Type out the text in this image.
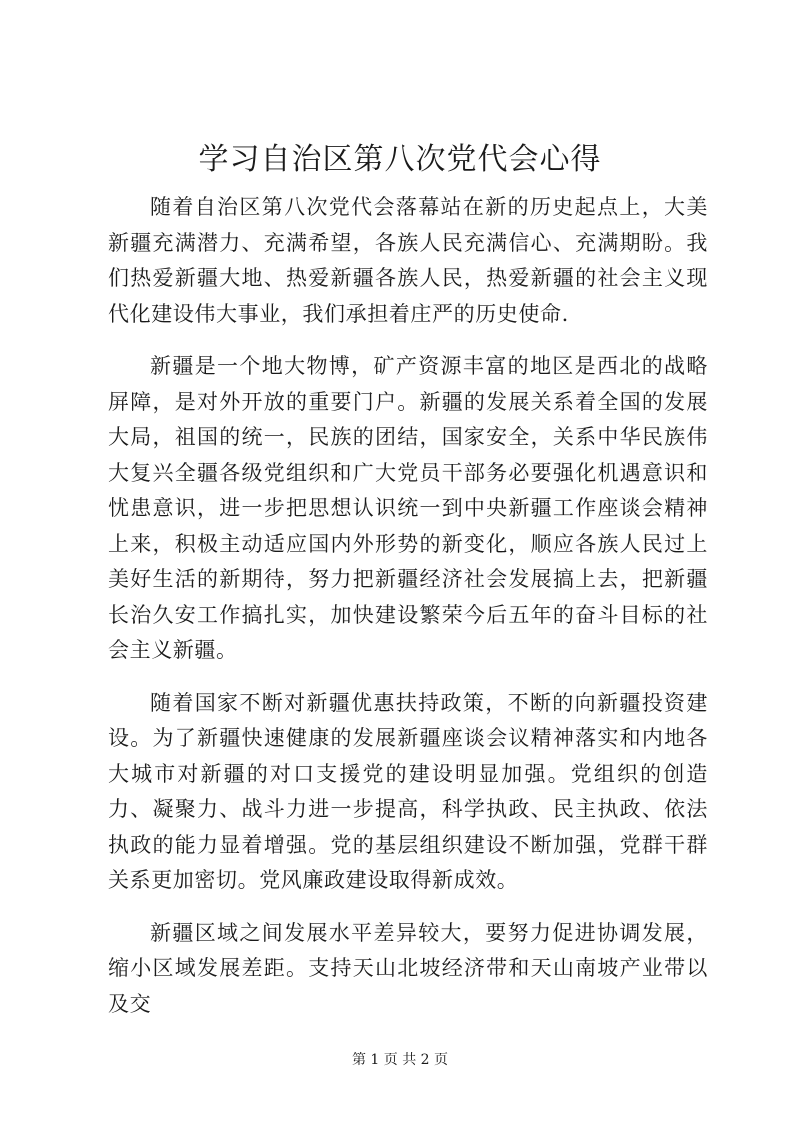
学习自治区第八次党代会心得

随着自治区第八次党代会落幕站在新的历史起点上，大美新疆充满潜力、充满希望，各族人民充满信心、充满期盼。我们热爱新疆大地、热爱新疆各族人民，热爱新疆的社会主义现代化建设伟大事业，我们承担着庄严的历史使命.

新疆是一个地大物博，矿产资源丰富的地区是西北的战略屏障，是对外开放的重要门户。新疆的发展关系着全国的发展大局，祖国的统一，民族的团结，国家安全，关系中华民族伟大复兴全疆各级党组织和广大党员干部务必要强化机遇意识和忧患意识，进一步把思想认识统一到中央新疆工作座谈会精神上来，积极主动适应国内外形势的新变化，顺应各族人民过上美好生活的新期待，努力把新疆经济社会发展搞上去，把新疆长治久安工作搞扎实，加快建设繁荣今后五年的奋斗目标的社会主义新疆。

随着国家不断对新疆优惠扶持政策，不断的向新疆投资建设。为了新疆快速健康的发展新疆座谈会议精神落实和内地各大城市对新疆的对口支援党的建设明显加强。党组织的创造力、凝聚力、战斗力进一步提高，科学执政、民主执政、依法执政的能力显着增强。党的基层组织建设不断加强，党群干群关系更加密切。党风廉政建设取得新成效。

新疆区域之间发展水平差异较大，要努力促进协调发展，缩小区域发展差距。支持天山北坡经济带和天山南坡产业带以及交

第 1 页 共 2 页
